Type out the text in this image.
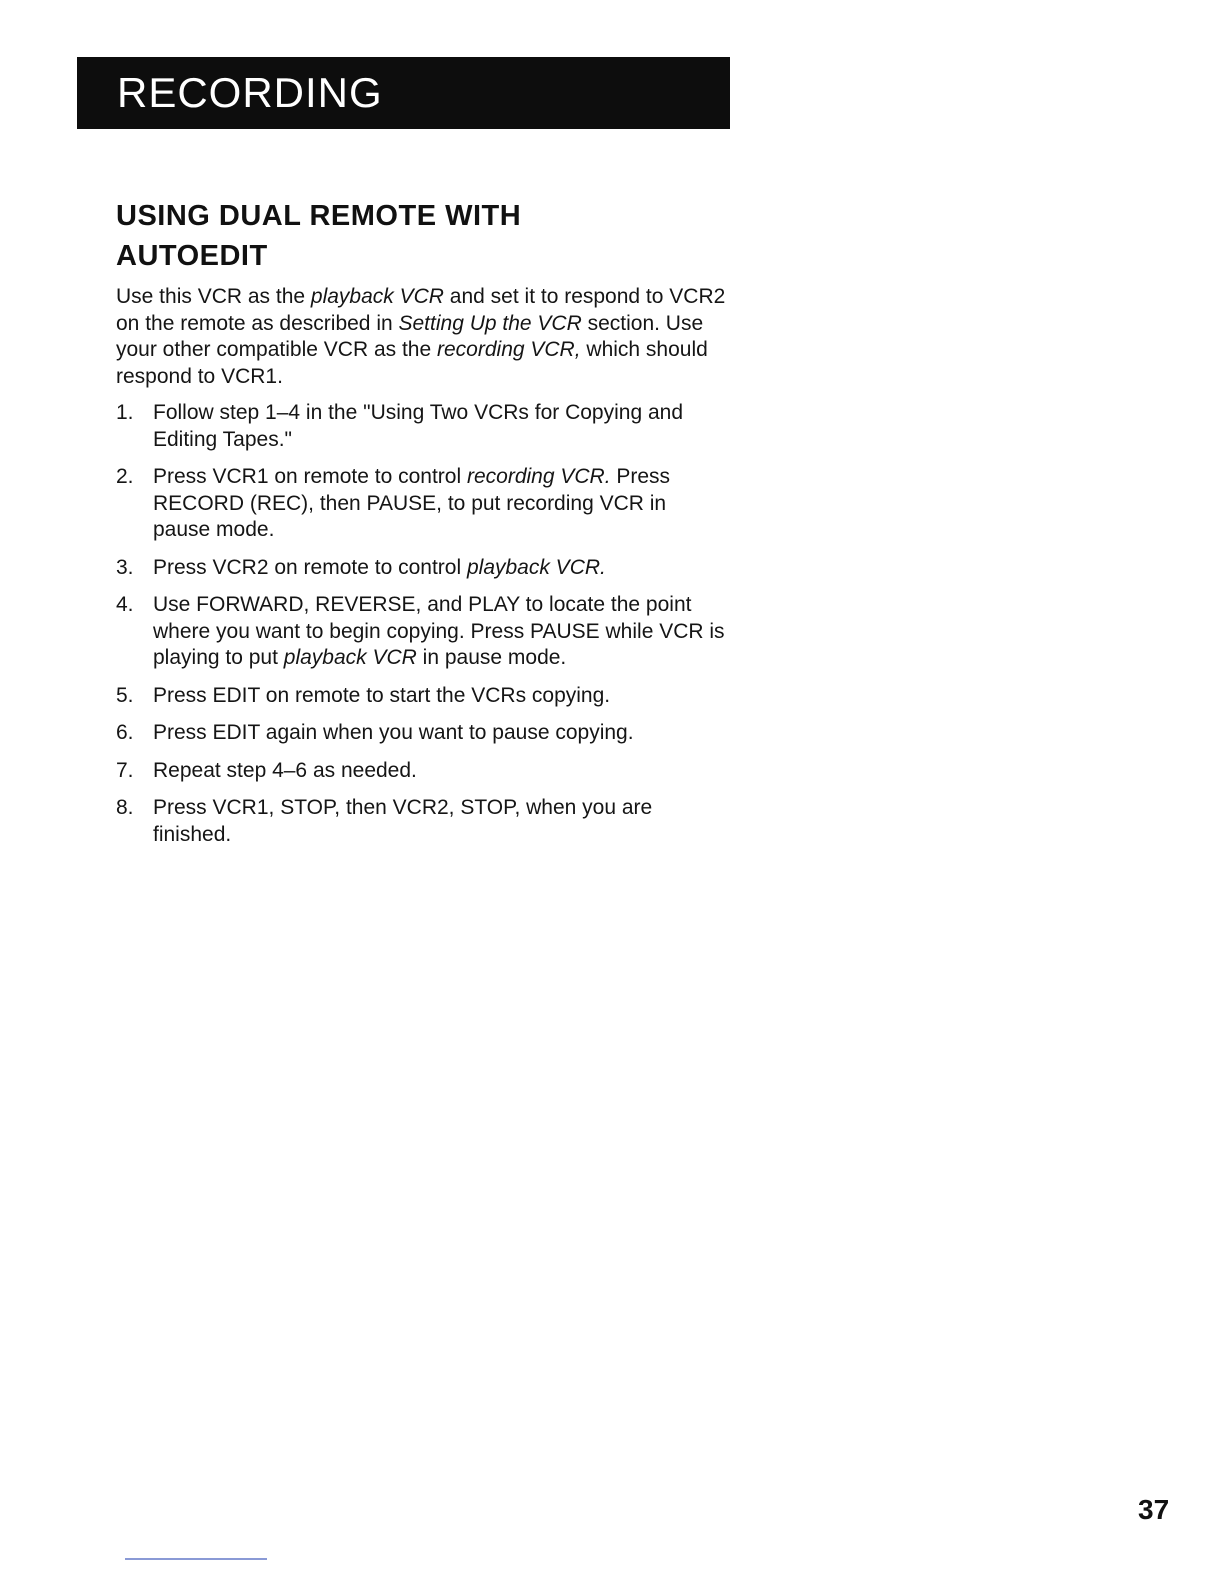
RECORDING
USING DUAL REMOTE WITH
AUTOEDIT

Use this VCR as the playback VCR and set it to respond to VCR2 on the remote as described in Setting Up the VCR section. Use your other compatible VCR as the recording VCR, which should respond to VCR1.

1. Follow step 1–4 in the "Using Two VCRs for Copying and Editing Tapes."
2. Press VCR1 on remote to control recording VCR. Press RECORD (REC), then PAUSE, to put recording VCR in pause mode.
3. Press VCR2 on remote to control playback VCR.
4. Use FORWARD, REVERSE, and PLAY to locate the point where you want to begin copying. Press PAUSE while VCR is playing to put playback VCR in pause mode.
5. Press EDIT on remote to start the VCRs copying.
6. Press EDIT again when you want to pause copying.
7. Repeat step 4–6 as needed.
8. Press VCR1, STOP, then VCR2, STOP, when you are finished.
37
